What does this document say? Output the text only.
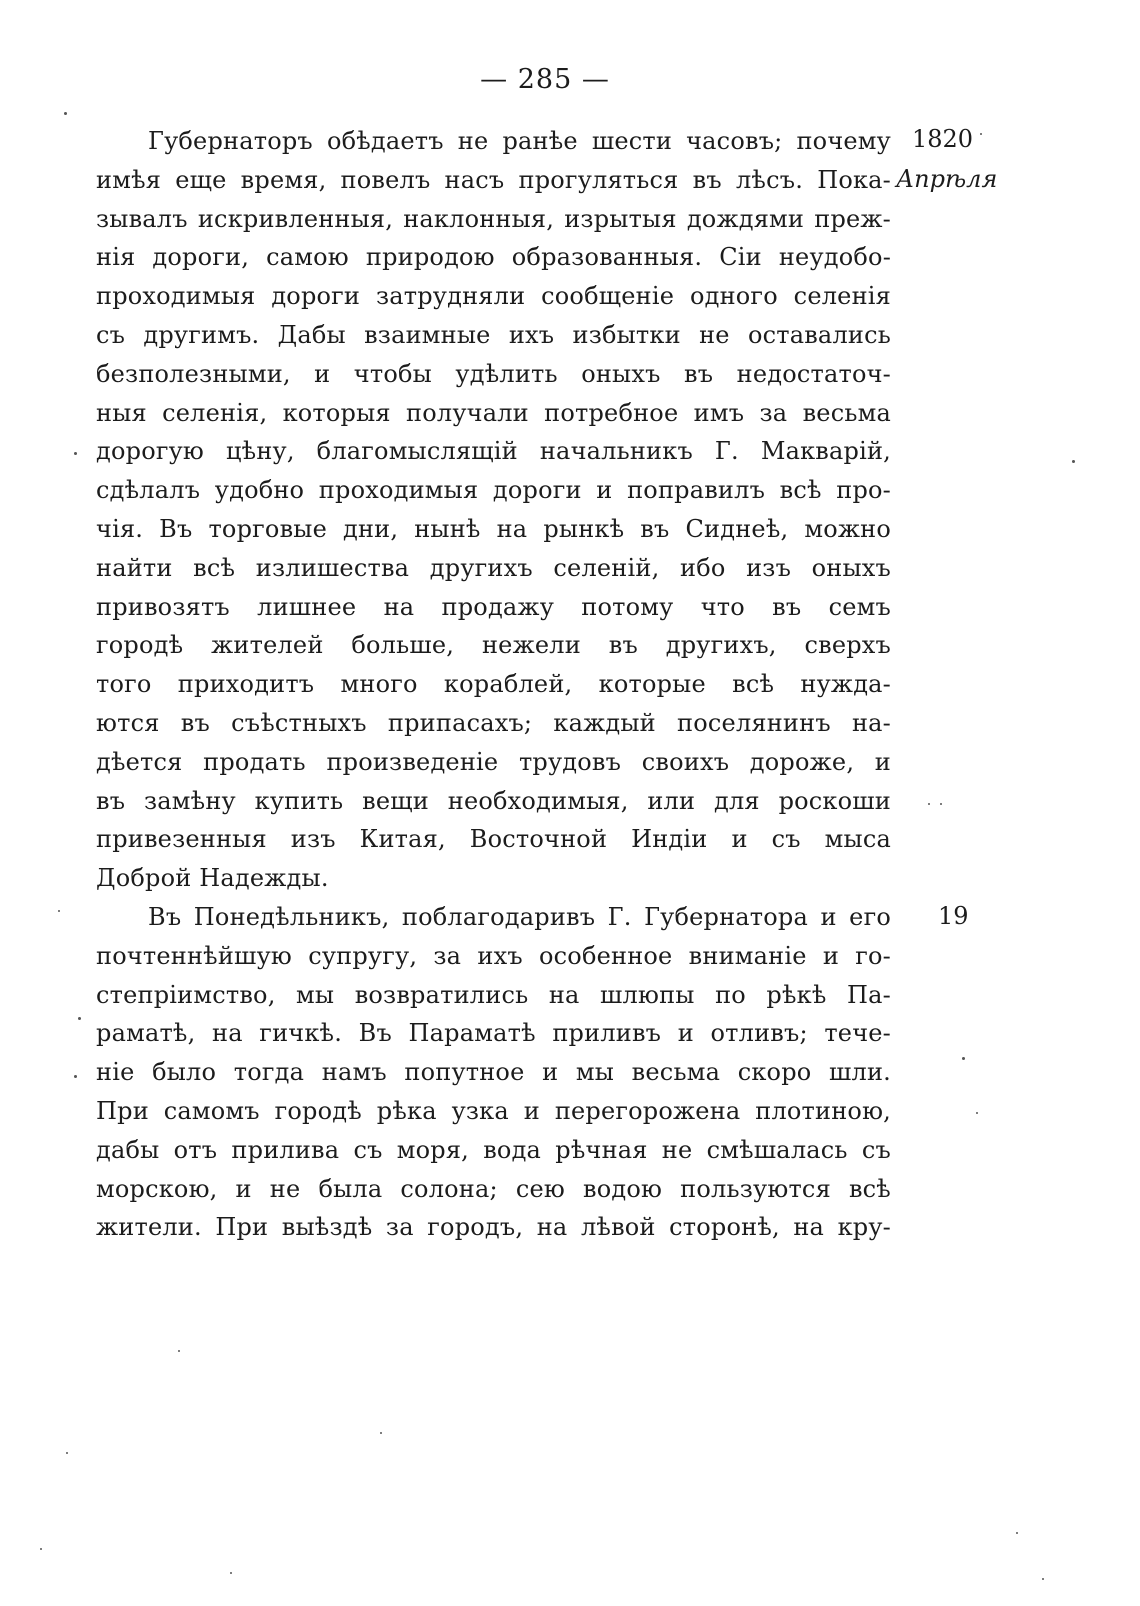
— 285 —
1820
Апрѣля
19
Губернаторъ обѣдаетъ не ранѣе шести часовъ; почему
имѣя еще время, повелъ насъ прогуляться въ лѣсъ. Пока-
зывалъ искривленныя, наклонныя, изрытыя дождями преж-
нія дороги, самою природою образованныя. Сіи неудобо-
проходимыя дороги затрудняли сообщеніе одного селенія
съ другимъ. Дабы взаимные ихъ избытки не оставались
безполезными, и чтобы удѣлить оныхъ въ недостаточ-
ныя селенія, которыя получали потребное имъ за весьма
дорогую цѣну, благомыслящій начальникъ Г. Макварій,
сдѣлалъ удобно проходимыя дороги и поправилъ всѣ про-
чія. Въ торговые дни, нынѣ на рынкѣ въ Сиднеѣ, можно
найти всѣ излишества другихъ селеній, ибо изъ оныхъ
привозятъ лишнее на продажу потому что въ семъ
городѣ жителей больше, нежели въ другихъ, сверхъ
того приходитъ много кораблей, которые всѣ нужда-
ются въ съѣстныхъ припасахъ; каждый поселянинъ на-
дѣется продать произведеніе трудовъ своихъ дороже, и
въ замѣну купить вещи необходимыя, или для роскоши
привезенныя изъ Китая, Восточной Индіи и съ мыса
Доброй Надежды.
Въ Понедѣльникъ, поблагодаривъ Г. Губернатора и его
почтеннѣйшую супругу, за ихъ особенное вниманіе и го-
степріимство, мы возвратились на шлюпы по рѣкѣ Па-
раматѣ, на гичкѣ. Въ Параматѣ приливъ и отливъ; тече-
ніе было тогда намъ попутное и мы весьма скоро шли.
При самомъ городѣ рѣка узка и перегорожена плотиною,
дабы отъ прилива съ моря, вода рѣчная не смѣшалась съ
морскою, и не была солона; сею водою пользуются всѣ
жители. При выѣздѣ за городъ, на лѣвой сторонѣ, на кру-
